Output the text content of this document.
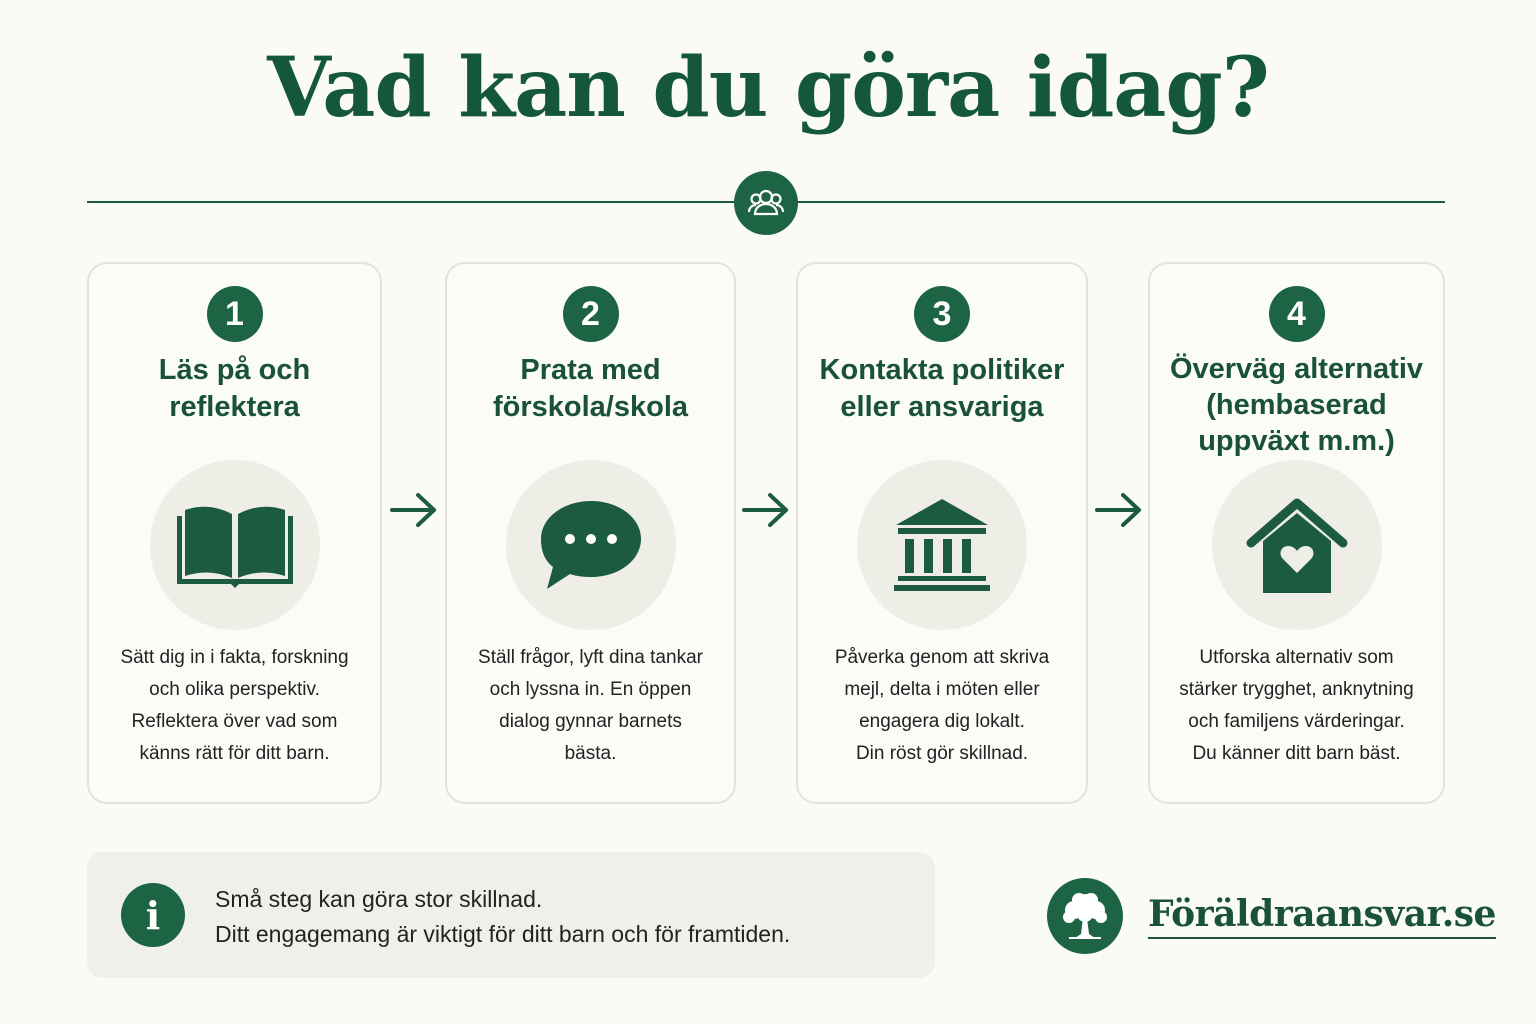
Vad kan du göra idag?
1
Läs på och
reflektera
Sätt dig in i fakta, forskning
och olika perspektiv.
Reflektera över vad som
känns rätt för ditt barn.
2
Prata med
förskola/skola
Ställ frågor, lyft dina tankar
och lyssna in. En öppen
dialog gynnar barnets
bästa.
3
Kontakta politiker
eller ansvariga
Påverka genom att skriva
mejl, delta i möten eller
engagera dig lokalt.
Din röst gör skillnad.
4
Överväg alternativ
(hembaserad
uppväxt m.m.)
Utforska alternativ som
stärker trygghet, anknytning
och familjens värderingar.
Du känner ditt barn bäst.
i	Små steg kan göra stor skillnad.
Ditt engagemang är viktigt för ditt barn och för framtiden.	Föräldraansvar.se
